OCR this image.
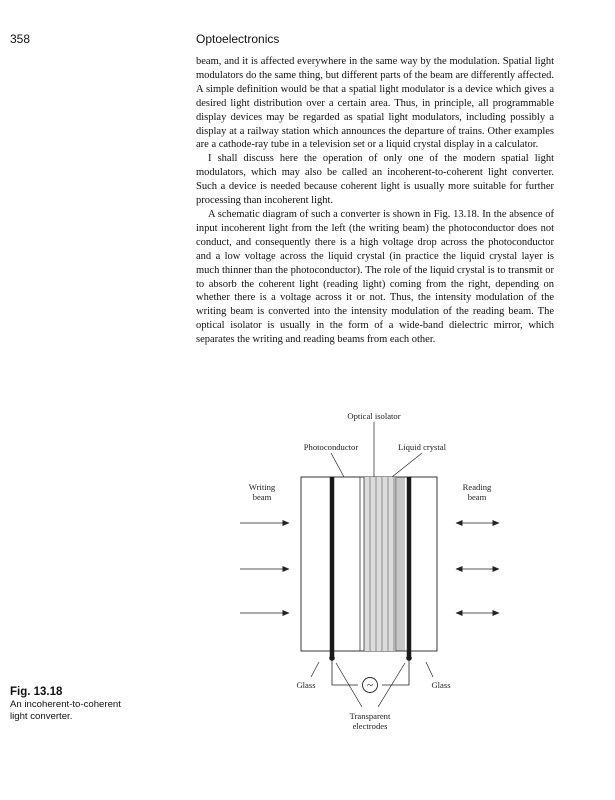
358	Optoelectronics

beam, and it is affected everywhere in the same way by the modulation. Spatial light modulators do the same thing, but different parts of the beam are differently affected. A simple definition would be that a spatial light modulator is a device which gives a desired light distribution over a certain area. Thus, in principle, all programmable display devices may be regarded as spatial light modulators, including possibly a display at a railway station which announces the departure of trains. Other examples are a cathode-ray tube in a television set or a liquid crystal display in a calculator.

I shall discuss here the operation of only one of the modern spatial light modulators, which may also be called an incoherent-to-coherent light converter. Such a device is needed because coherent light is usually more suitable for further processing than incoherent light.

A schematic diagram of such a converter is shown in Fig. 13.18. In the absence of input incoherent light from the left (the writing beam) the photoconductor does not conduct, and consequently there is a high voltage drop across the photoconductor and a low voltage across the liquid crystal (in practice the liquid crystal layer is much thinner than the photoconductor). The role of the liquid crystal is to transmit or to absorb the coherent light (reading light) coming from the right, depending on whether there is a voltage across it or not. Thus, the intensity modulation of the writing beam is converted into the intensity modulation of the reading beam. The optical isolator is usually in the form of a wide-band dielectric mirror, which separates the writing and reading beams from each other.

~
Optical isolator
Photoconductor	Liquid crystal
Writing
beam
Reading
beam
Glass	Glass
Transparent
electrodes
Fig. 13.18
An incoherent-to-coherent light converter.
